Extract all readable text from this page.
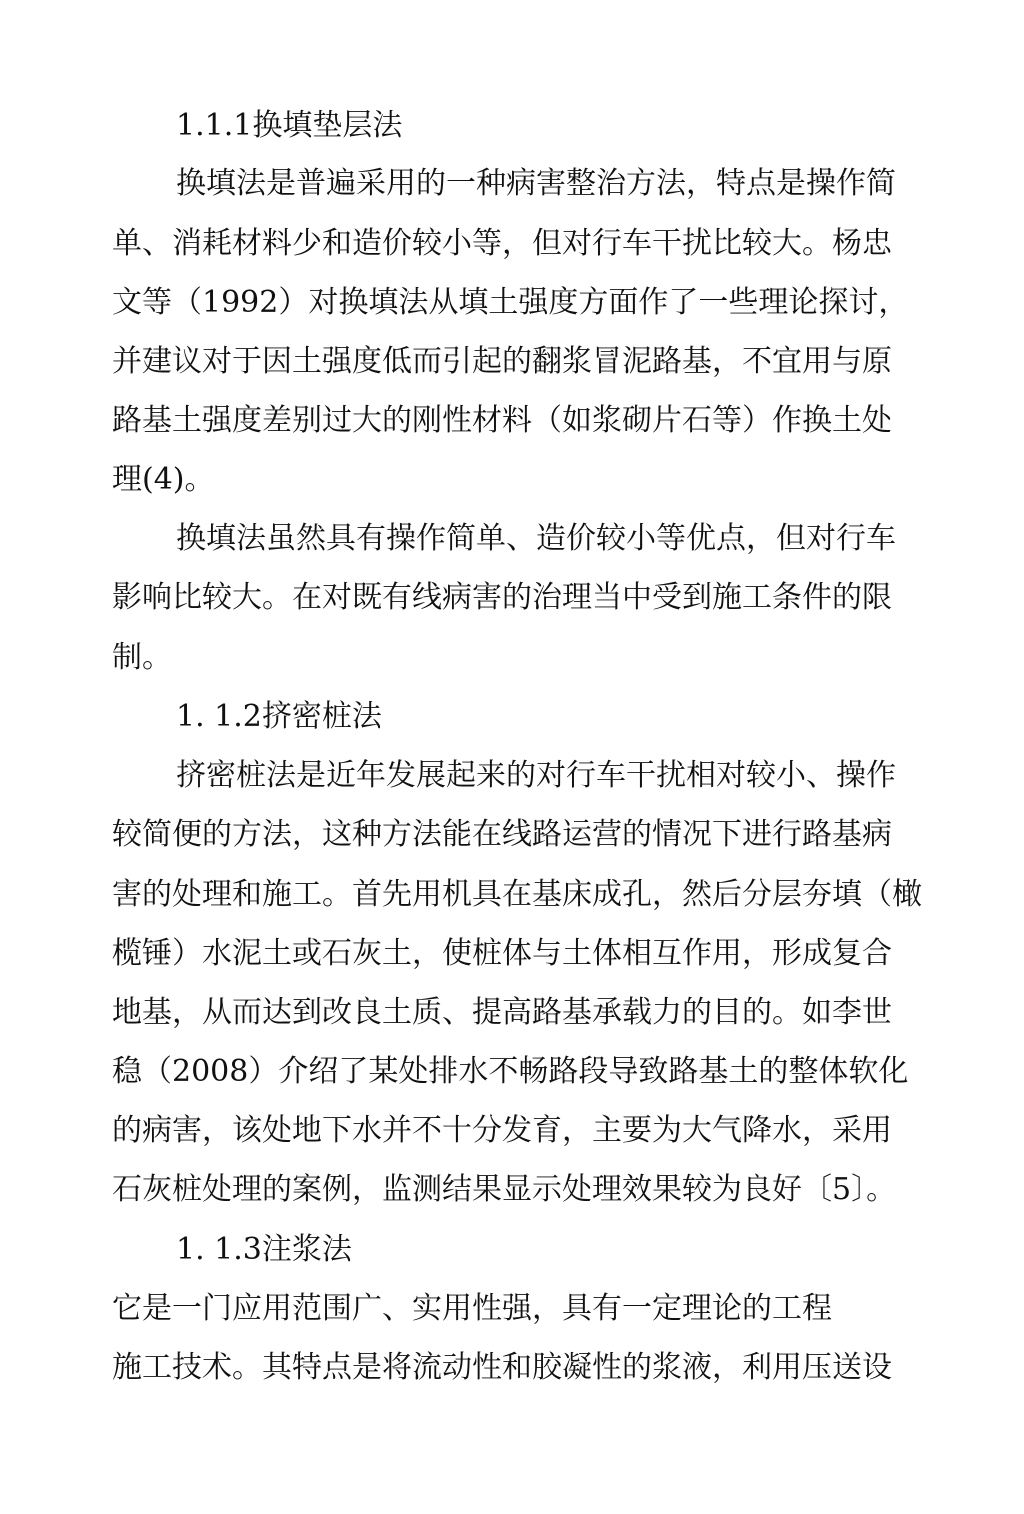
1.1.1换填垫层法
换填法是普遍采用的一种病害整治方法，特点是操作简
单、消耗材料少和造价较小等，但对行车干扰比较大。杨忠
文等（1992）对换填法从填土强度方面作了一些理论探讨，
并建议对于因土强度低而引起的翻浆冒泥路基，不宜用与原
路基土强度差别过大的刚性材料（如浆砌片石等）作换土处
理(4)。
换填法虽然具有操作简单、造价较小等优点，但对行车
影响比较大。在对既有线病害的治理当中受到施工条件的限
制。
1. 1.2挤密桩法
挤密桩法是近年发展起来的对行车干扰相对较小、操作
较简便的方法，这种方法能在线路运营的情况下进行路基病
害的处理和施工。首先用机具在基床成孔，然后分层夯填（橄
榄锤）水泥土或石灰土，使桩体与土体相互作用，形成复合
地基，从而达到改良土质、提高路基承载力的目的。如李世
稳（2008）介绍了某处排水不畅路段导致路基土的整体软化
的病害，该处地下水并不十分发育，主要为大气降水，采用
石灰桩处理的案例，监测结果显示处理效果较为良好〔5〕。
1. 1.3注浆法
它是一门应用范围广、实用性强，具有一定理论的工程
施工技术。其特点是将流动性和胶凝性的浆液，利用压送设
